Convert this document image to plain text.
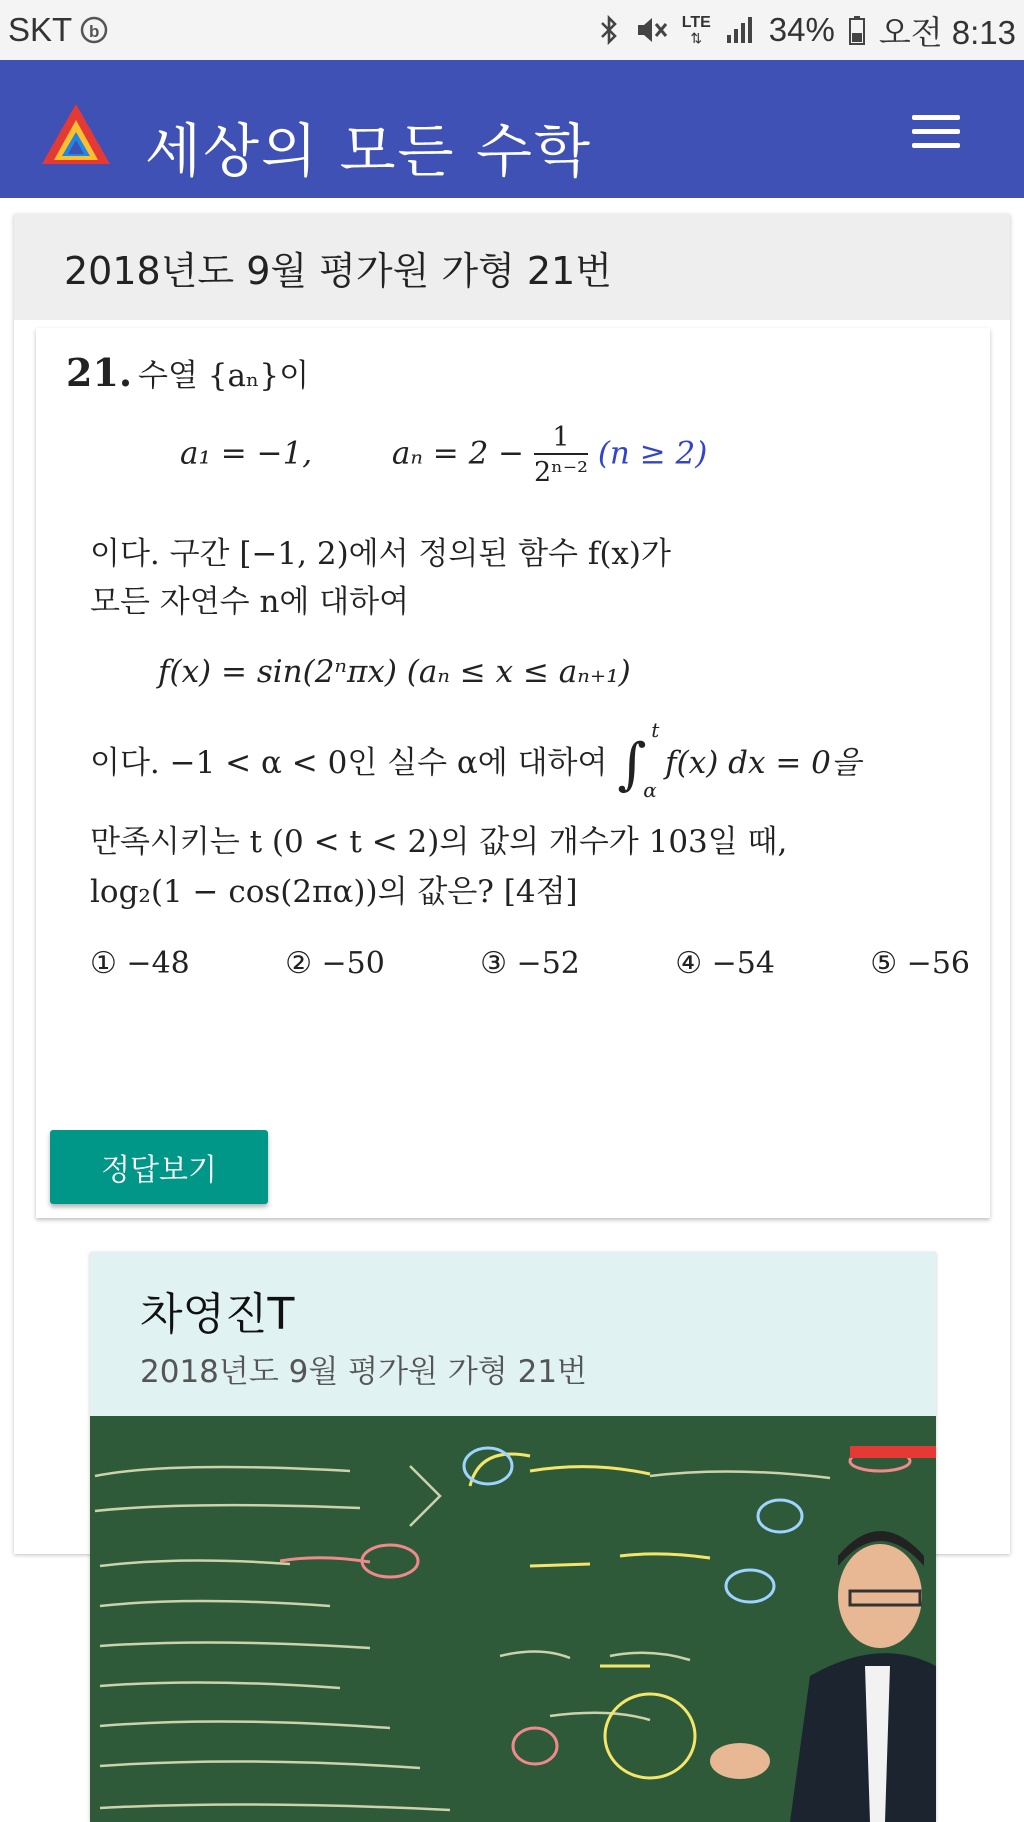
SKT b	LTE
⇅ 34% 오전 8:13
세상의 모든 수학
2018년도 9월 평가원 가형 21번
21. 수열 {aₙ}이
a₁ = −1,	$a_n = 2 - \frac{1}{\text{2ⁿ⁻²}} (n \ge 2)$
이다. 구간 [−1, 2)에서 정의된 함수 f(x)가
모든 자연수 n에 대하여
f(x) = sin(2ⁿπx) (aₙ ≤ x ≤ aₙ₊₁)
이다. −1 < α < 0인 실수 α에 대하여 ∫
t
α
f(x) dx = 0을
만족시키는 t (0 < t < 2)의 값의 개수가 103일 때,
log₂(1 − cos(2πα))의 값은? [4점]
① −48	② −50	③ −52	④ −54	⑤ −56
정답보기
차영진T
2018년도 9월 평가원 가형 21번
